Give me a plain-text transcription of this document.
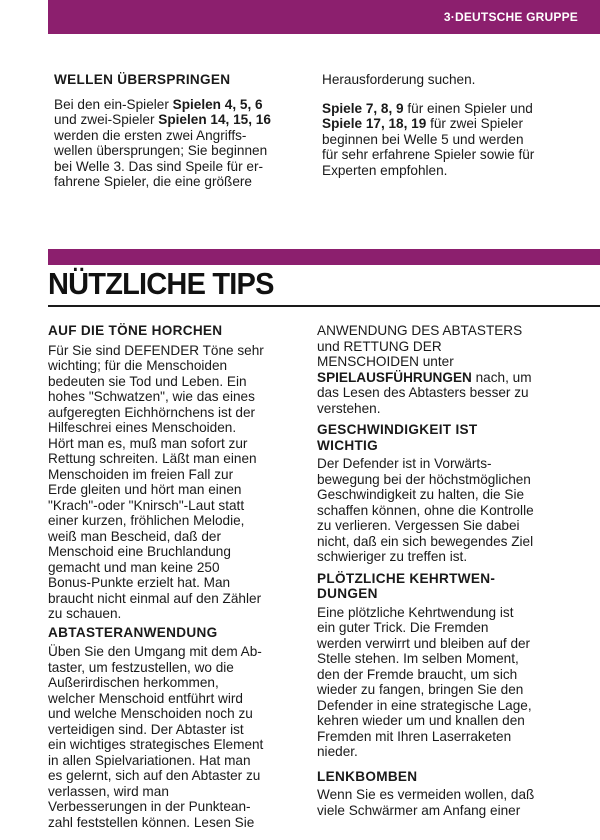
3·DEUTSCHE GRUPPE
WELLEN ÜBERSPRINGEN
Bei den ein-Spieler Spielen 4, 5, 6
und zwei-Spieler Spielen 14, 15, 16
werden die ersten zwei Angriffs-
wellen übersprungen; Sie beginnen
bei Welle 3. Das sind Speile für er-
fahrene Spieler, die eine größere
Herausforderung suchen.
Spiele 7, 8, 9 für einen Spieler und
Spiele 17, 18, 19 für zwei Spieler
beginnen bei Welle 5 und werden
für sehr erfahrene Spieler sowie für
Experten empfohlen.
NÜTZLICHE TIPS
AUF DIE TÖNE HORCHEN
Für Sie sind DEFENDER Töne sehr
wichting; für die Menschoiden
bedeuten sie Tod und Leben. Ein
hohes "Schwatzen", wie das eines
aufgeregten Eichhörnchens ist der
Hilfeschrei eines Menschoiden.
Hört man es, muß man sofort zur
Rettung schreiten. Läßt man einen
Menschoiden im freien Fall zur
Erde gleiten und hört man einen
"Krach"-oder "Knirsch"-Laut statt
einer kurzen, fröhlichen Melodie,
weiß man Bescheid, daß der
Menschoid eine Bruchlandung
gemacht und man keine 250
Bonus-Punkte erzielt hat. Man
braucht nicht einmal auf den Zähler
zu schauen.
ABTASTERANWENDUNG
Üben Sie den Umgang mit dem Ab-
taster, um festzustellen, wo die
Außerirdischen herkommen,
welcher Menschoid entführt wird
und welche Menschoiden noch zu
verteidigen sind. Der Abtaster ist
ein wichtiges strategisches Element
in allen Spielvariationen. Hat man
es gelernt, sich auf den Abtaster zu
verlassen, wird man
Verbesserungen in der Punktean-
zahl feststellen können. Lesen Sie
ANWENDUNG DES ABTASTERS
und RETTUNG DER
MENSCHOIDEN unter
SPIELAUSFÜHRUNGEN nach, um
das Lesen des Abtasters besser zu
verstehen.
GESCHWINDIGKEIT IST
WICHTIG
Der Defender ist in Vorwärts-
bewegung bei der höchstmöglichen
Geschwindigkeit zu halten, die Sie
schaffen können, ohne die Kontrolle
zu verlieren. Vergessen Sie dabei
nicht, daß ein sich bewegendes Ziel
schwieriger zu treffen ist.
PLÖTZLICHE KEHRTWEN-
DUNGEN
Eine plötzliche Kehrtwendung ist
ein guter Trick. Die Fremden
werden verwirrt und bleiben auf der
Stelle stehen. Im selben Moment,
den der Fremde braucht, um sich
wieder zu fangen, bringen Sie den
Defender in eine strategische Lage,
kehren wieder um und knallen den
Fremden mit Ihren Laserraketen
nieder.
LENKBOMBEN
Wenn Sie es vermeiden wollen, daß
viele Schwärmer am Anfang einer
